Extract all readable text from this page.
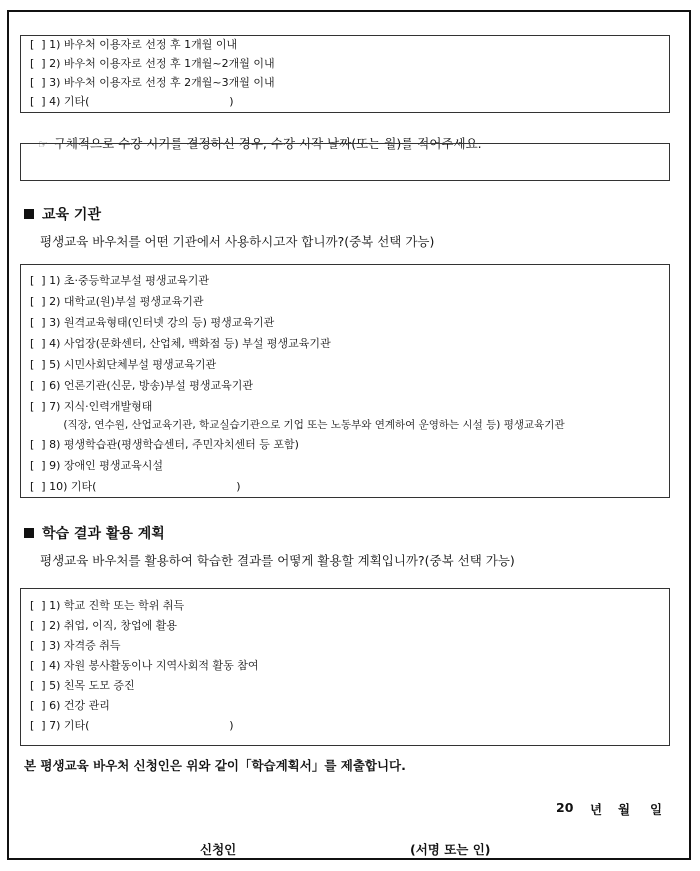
[  ] 1) 바우처 이용자로 선정 후 1개월 이내
[  ] 2) 바우처 이용자로 선정 후 1개월~2개월 이내
[  ] 3) 바우처 이용자로 선정 후 2개월~3개월 이내
[  ] 4) 기타(                                        )

☞ 구체적으로 수강 시기를 결정하신 경우, 수강 시작 날짜(또는 월)를 적어주세요.

교육 기관
평생교육 바우처를 어떤 기관에서 사용하시고자 합니까?(중복 선택 가능)
[  ] 1) 초·중등학교부설 평생교육기관
[  ] 2) 대학교(원)부설 평생교육기관
[  ] 3) 원격교육형태(인터넷 강의 등) 평생교육기관
[  ] 4) 사업장(문화센터, 산업체, 백화점 등) 부설 평생교육기관
[  ] 5) 시민사회단체부설 평생교육기관
[  ] 6) 언론기관(신문, 방송)부설 평생교육기관
[  ] 7) 지식·인력개발형태
(직장, 연수원, 산업교육기관, 학교실습기관으로 기업 또는 노동부와 연계하여 운영하는 시설 등) 평생교육기관
[  ] 8) 평생학습관(평생학습센터, 주민자치센터 등 포함)
[  ] 9) 장애인 평생교육시설
[  ] 10) 기타(                                        )
학습 결과 활용 계획
평생교육 바우처를 활용하여 학습한 결과를 어떻게 활용할 계획입니까?(중복 선택 가능)
[  ] 1) 학교 진학 또는 학위 취득
[  ] 2) 취업, 이직, 창업에 활용
[  ] 3) 자격증 취득
[  ] 4) 자원 봉사활동이나 지역사회적 활동 참여
[  ] 5) 친목 도모 증진
[  ] 6) 건강 관리
[  ] 7) 기타(                                        )
본 평생교육 바우처 신청인은 위와 같이「학습계획서」를 제출합니다.
20 년 월 일
신청인	(서명 또는 인)
